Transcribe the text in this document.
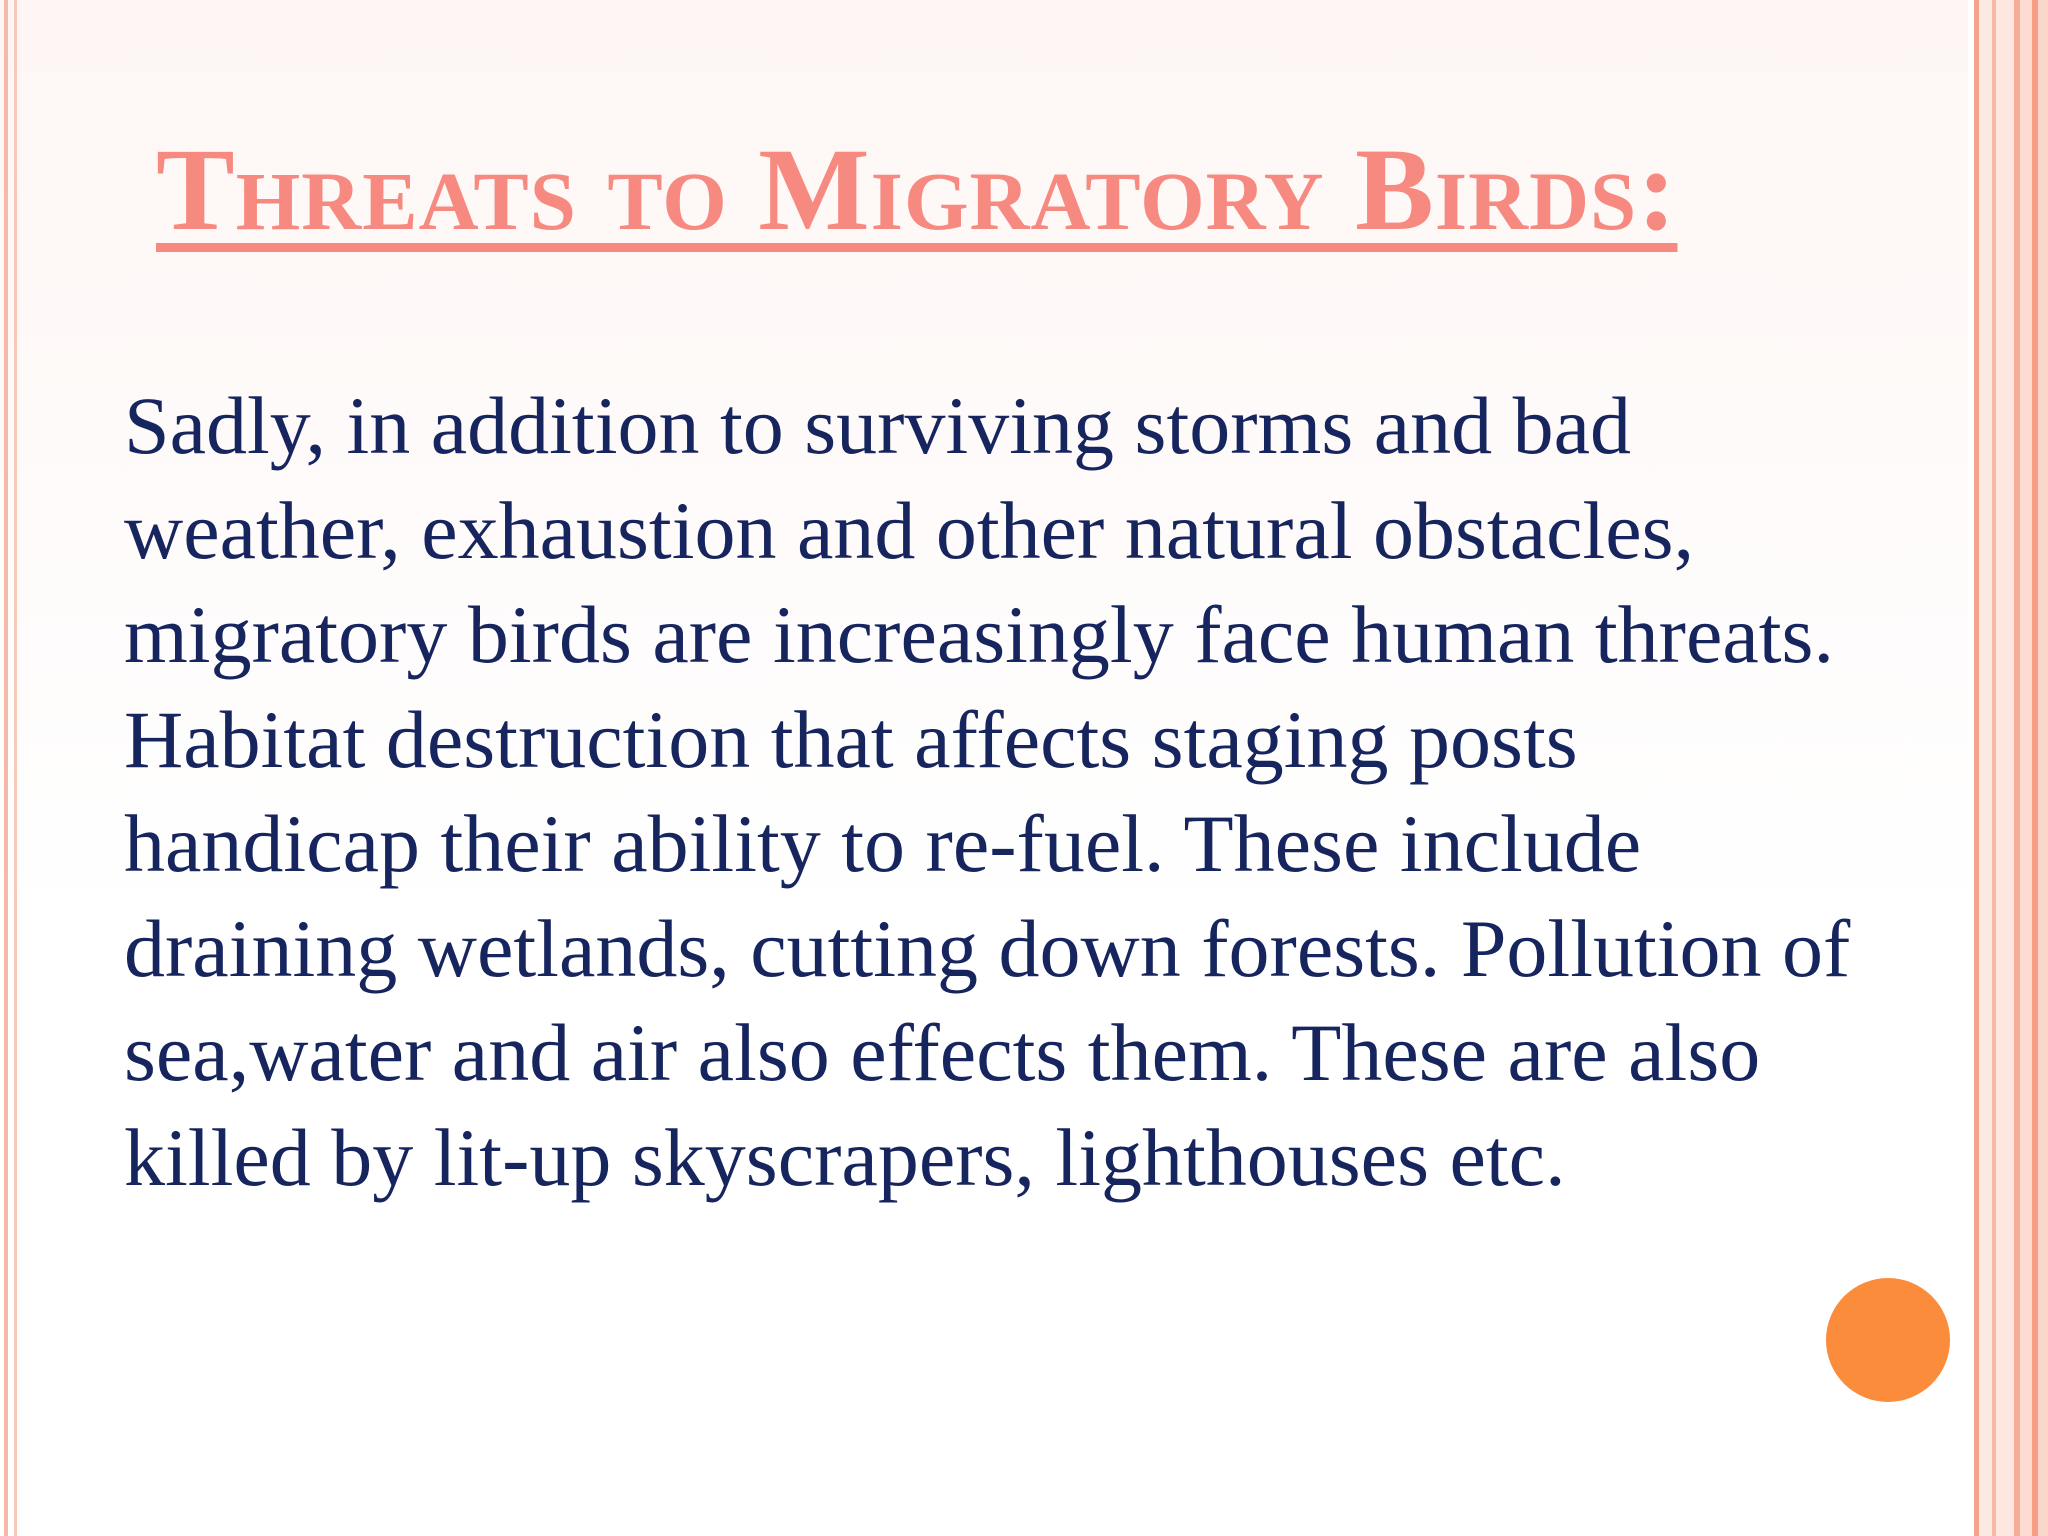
Threats to Migratory Birds:

Sadly, in addition to surviving storms and bad weather, exhaustion and other natural obstacles, migratory birds are increasingly face human threats. Habitat destruction that affects staging posts handicap their ability to re-fuel. These include draining wetlands, cutting down forests. Pollution of sea,water and air also effects them. These are also killed by lit-up skyscrapers, lighthouses etc.
